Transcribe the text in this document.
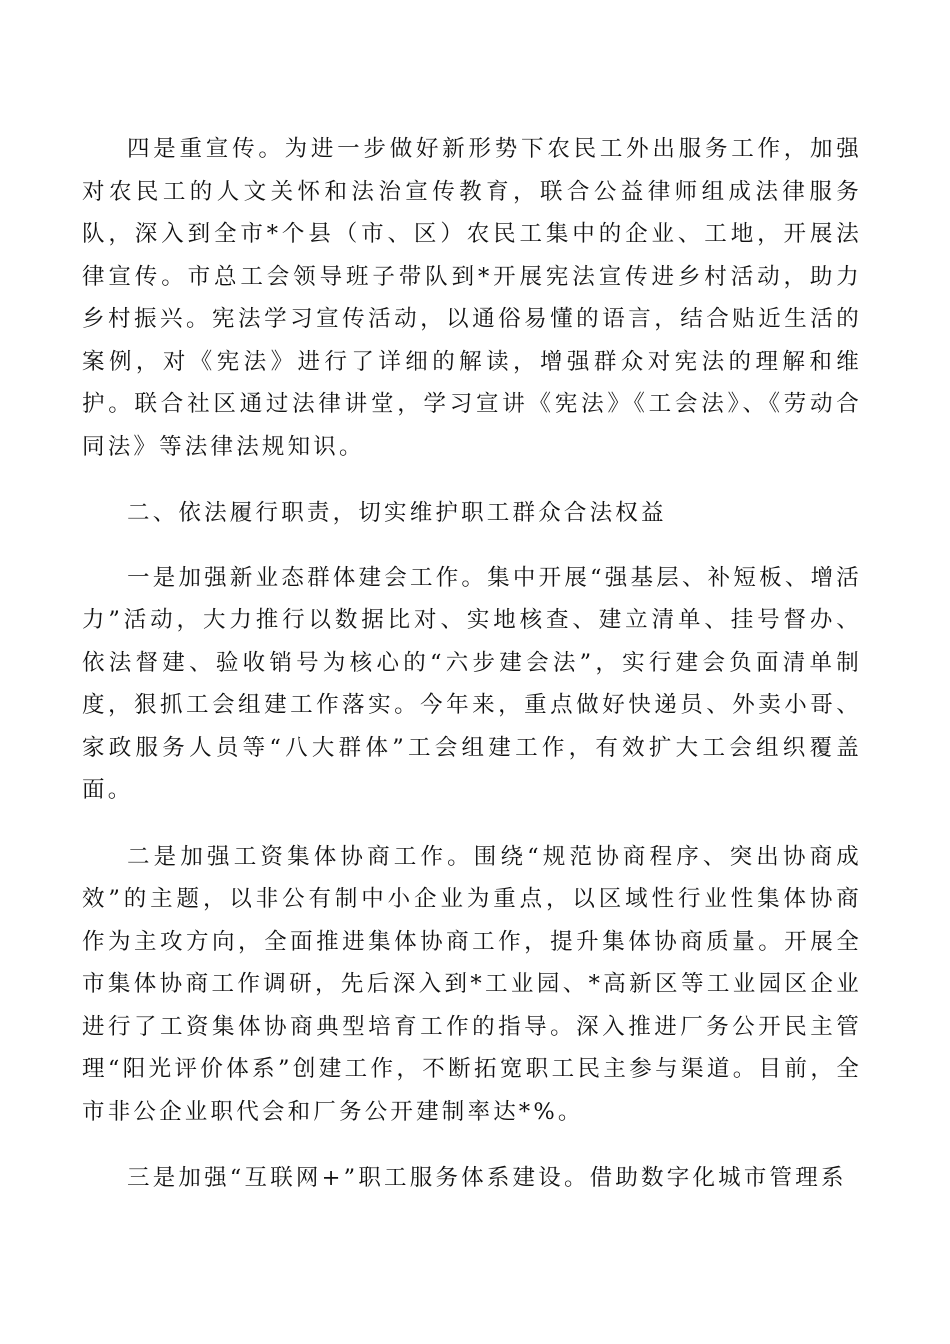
四是重宣传。为进一步做好新形势下农民工外出服务工作，加强对农民工的人文关怀和法治宣传教育，联合公益律师组成法律服务队，深入到全市*个县（市、区）农民工集中的企业、工地，开展法律宣传。市总工会领导班子带队到*开展宪法宣传进乡村活动，助力乡村振兴。宪法学习宣传活动，以通俗易懂的语言，结合贴近生活的案例，对《宪法》进行了详细的解读，增强群众对宪法的理解和维护。联合社区通过法律讲堂，学习宣讲《宪法》《工会法》、《劳动合同法》等法律法规知识。

二、依法履行职责，切实维护职工群众合法权益

一是加强新业态群体建会工作。集中开展“强基层、补短板、增活力”活动，大力推行以数据比对、实地核查、建立清单、挂号督办、依法督建、验收销号为核心的“六步建会法”，实行建会负面清单制度，狠抓工会组建工作落实。今年来，重点做好快递员、外卖小哥、家政服务人员等“八大群体”工会组建工作，有效扩大工会组织覆盖面。

二是加强工资集体协商工作。围绕“规范协商程序、突出协商成效”的主题，以非公有制中小企业为重点，以区域性行业性集体协商作为主攻方向，全面推进集体协商工作，提升集体协商质量。开展全市集体协商工作调研，先后深入到*工业园、*高新区等工业园区企业进行了工资集体协商典型培育工作的指导。深入推进厂务公开民主管理“阳光评价体系”创建工作，不断拓宽职工民主参与渠道。目前，全市非公企业职代会和厂务公开建制率达*%。

三是加强“互联网+”职工服务体系建设。借助数字化城市管理系
